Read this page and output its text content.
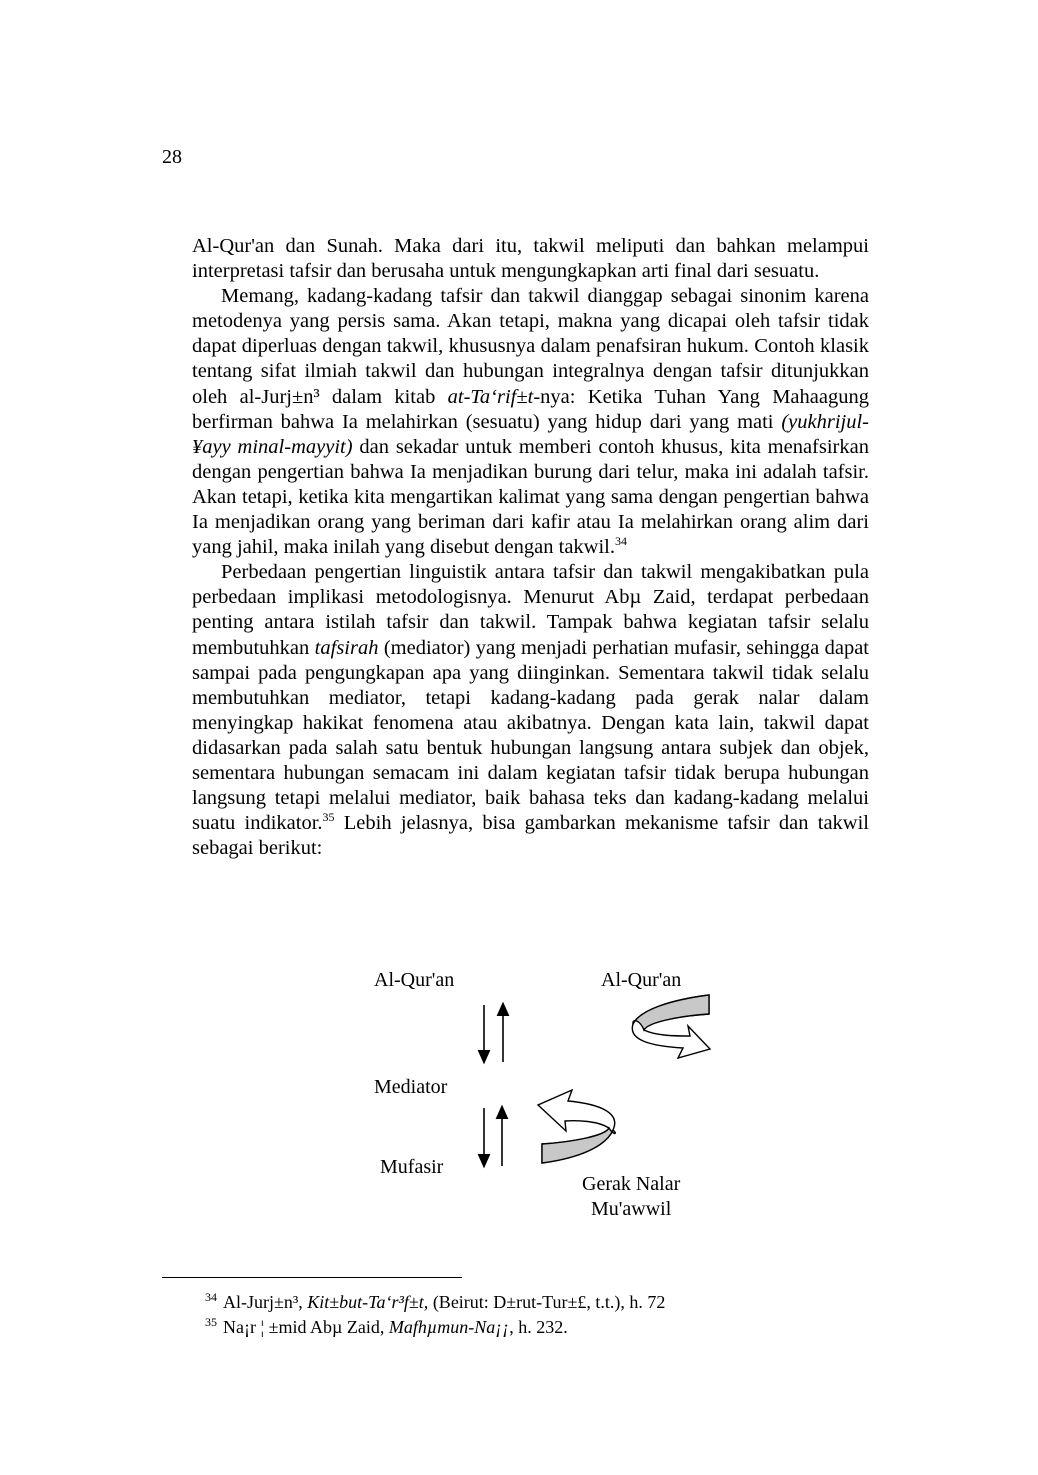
28

Al-Qur'an dan Sunah. Maka dari itu, takwil meliputi dan bahkan melampui interpretasi tafsir dan berusaha untuk mengungkapkan arti final dari sesuatu.

Memang, kadang-kadang tafsir dan takwil dianggap sebagai sinonim karena metodenya yang persis sama. Akan tetapi, makna yang dicapai oleh tafsir tidak dapat diperluas dengan takwil, khususnya dalam penafsiran hukum. Contoh klasik tentang sifat ilmiah takwil dan hubungan integralnya dengan tafsir ditunjukkan oleh al-Jurj±n³ dalam kitab at-Ta‘rif±t-nya: Ketika Tuhan Yang Mahaagung berfirman bahwa Ia melahirkan (sesuatu) yang hidup dari yang mati (yukhrijul-¥ayy minal-mayyit) dan sekadar untuk memberi contoh khusus, kita menafsirkan dengan pengertian bahwa Ia menjadikan burung dari telur, maka ini adalah tafsir. Akan tetapi, ketika kita mengartikan kalimat yang sama dengan pengertian bahwa Ia menjadikan orang yang beriman dari kafir atau Ia melahirkan orang alim dari yang jahil, maka inilah yang disebut dengan takwil.$^{34}$

Perbedaan pengertian linguistik antara tafsir dan takwil mengakibatkan pula perbedaan implikasi metodologisnya. Menurut Abµ Zaid, terdapat perbedaan penting antara istilah tafsir dan takwil. Tampak bahwa kegiatan tafsir selalu membutuhkan tafsirah (mediator) yang menjadi perhatian mufasir, sehingga dapat sampai pada pengungkapan apa yang diinginkan. Sementara takwil tidak selalu membutuhkan mediator, tetapi kadang-kadang pada gerak nalar dalam menyingkap hakikat fenomena atau akibatnya. Dengan kata lain, takwil dapat didasarkan pada salah satu bentuk hubungan langsung antara subjek dan objek, sementara hubungan semacam ini dalam kegiatan tafsir tidak berupa hubungan langsung tetapi melalui mediator, baik bahasa teks dan kadang-kadang melalui suatu indikator.$^{35}$ Lebih jelasnya, bisa gambarkan mekanisme tafsir dan takwil sebagai berikut:

Al-Qur'an
Mediator
Mufasir
Al-Qur'an
Gerak Nalar
Mu'awwil
$^{34}$ Al-Jurj±n³, Kit±but-Ta‘r³f±t, (Beirut: D±rut-Tur±£, t.t.), h. 72
$^{35}$ Na¡r ¦ ±mid Abµ Zaid, Mafhµmun-Na¡¡, h. 232.
